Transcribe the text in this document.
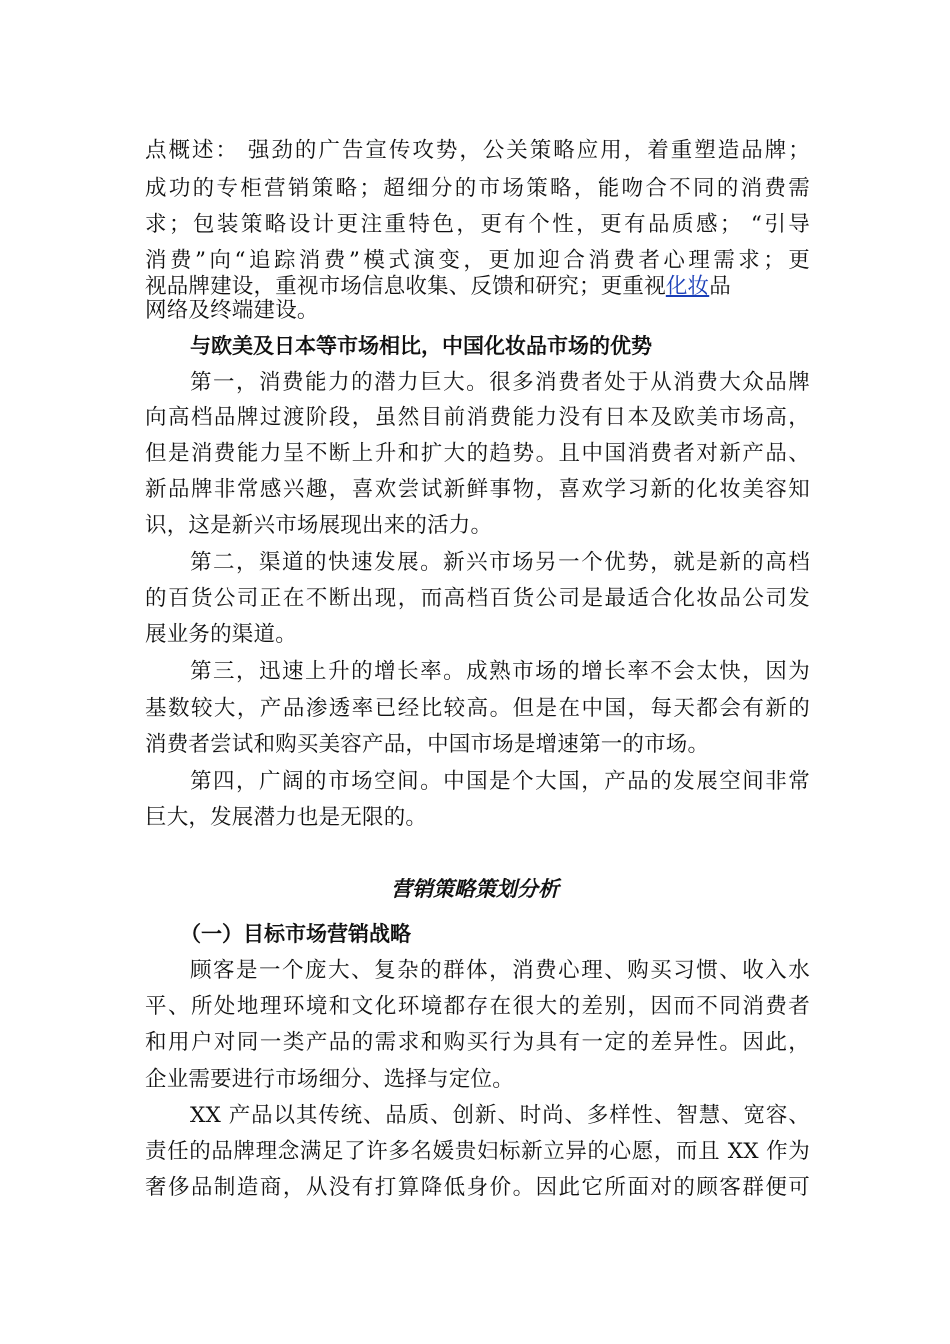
点概述： 强劲的广告宣传攻势，公关策略应用，着重塑造品牌；
成功的专柜营销策略；超细分的市场策略，能吻合不同的消费需
求；包装策略设计更注重特色，更有个性，更有品质感； “引导
消费”向“追踪消费”模式演变，更加迎合消费者心理需求；更
视品牌建设，重视市场信息收集、反馈和研究；更重视化妆品
网络及终端建设。
与欧美及日本等市场相比，中国化妆品市场的优势
第一，消费能力的潜力巨大。很多消费者处于从消费大众品牌
向高档品牌过渡阶段，虽然目前消费能力没有日本及欧美市场高，
但是消费能力呈不断上升和扩大的趋势。且中国消费者对新产品、
新品牌非常感兴趣，喜欢尝试新鲜事物，喜欢学习新的化妆美容知
识，这是新兴市场展现出来的活力。
第二，渠道的快速发展。新兴市场另一个优势，就是新的高档
的百货公司正在不断出现，而高档百货公司是最适合化妆品公司发
展业务的渠道。
第三，迅速上升的增长率。成熟市场的增长率不会太快，因为
基数较大，产品渗透率已经比较高。但是在中国，每天都会有新的
消费者尝试和购买美容产品，中国市场是增速第一的市场。
第四，广阔的市场空间。中国是个大国，产品的发展空间非常
巨大，发展潜力也是无限的。
营销策略策划分析
（一）目标市场营销战略
顾客是一个庞大、复杂的群体，消费心理、购买习惯、收入水
平、所处地理环境和文化环境都存在很大的差别，因而不同消费者
和用户对同一类产品的需求和购买行为具有一定的差异性。因此，
企业需要进行市场细分、选择与定位。
XX 产品以其传统、品质、创新、时尚、多样性、智慧、宽容、
责任的品牌理念满足了许多名媛贵妇标新立异的心愿，而且 XX 作为
奢侈品制造商，从没有打算降低身价。因此它所面对的顾客群便可
